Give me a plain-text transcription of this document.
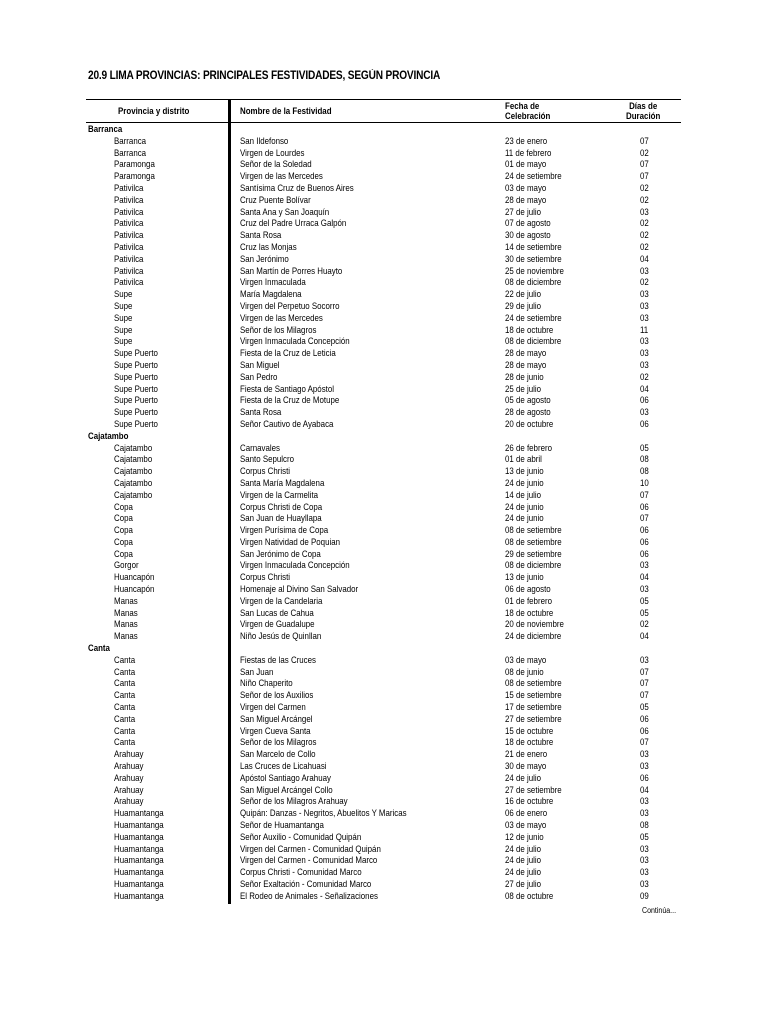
20.9 LIMA PROVINCIAS: PRINCIPALES FESTIVIDADES, SEGÚN PROVINCIA
Provincia y distrito	Nombre de la Festividad	Fecha de
Celebración
Días de
Duración
Barranca
Barranca	San Ildefonso	23 de enero	07
Barranca	Virgen de Lourdes	11 de febrero	02
Paramonga	Señor de la Soledad	01 de mayo	07
Paramonga	Virgen de las Mercedes	24 de setiembre	07
Pativilca	Santísima Cruz de Buenos Aires	03 de mayo	02
Pativilca	Cruz Puente Bolívar	28 de mayo	02
Pativilca	Santa Ana y San Joaquín	27 de julio	03
Pativilca	Cruz del Padre Urraca Galpón	07 de agosto	02
Pativilca	Santa Rosa	30 de agosto	02
Pativilca	Cruz las Monjas	14 de setiembre	02
Pativilca	San Jerónimo	30 de setiembre	04
Pativilca	San Martín de Porres Huayto	25 de noviembre	03
Pativilca	Virgen Inmaculada	08 de diciembre	02
Supe	María Magdalena	22 de julio	03
Supe	Virgen del Perpetuo Socorro	29 de julio	03
Supe	Virgen de las Mercedes	24 de setiembre	03
Supe	Señor de los Milagros	18 de octubre	11
Supe	Virgen Inmaculada Concepción	08 de diciembre	03
Supe Puerto	Fiesta de la Cruz de Leticia	28 de mayo	03
Supe Puerto	San Miguel	28 de mayo	03
Supe Puerto	San Pedro	28 de junio	02
Supe Puerto	Fiesta de Santiago Apóstol	25 de julio	04
Supe Puerto	Fiesta de la Cruz de Motupe	05 de agosto	06
Supe Puerto	Santa Rosa	28 de agosto	03
Supe Puerto	Señor Cautivo de Ayabaca	20 de octubre	06
Cajatambo
Cajatambo	Carnavales	26 de febrero	05
Cajatambo	Santo Sepulcro	01 de abril	08
Cajatambo	Corpus Christi	13 de junio	08
Cajatambo	Santa María Magdalena	24 de junio	10
Cajatambo	Virgen de la Carmelita	14 de julio	07
Copa	Corpus Christi de Copa	24 de junio	06
Copa	San Juan de Huayllapa	24 de junio	07
Copa	Virgen Purísima de Copa	08 de setiembre	06
Copa	Virgen Natividad de Poquian	08 de setiembre	06
Copa	San Jerónimo de Copa	29 de setiembre	06
Gorgor	Virgen Inmaculada Concepción	08 de diciembre	03
Huancapón	Corpus Christi	13 de junio	04
Huancapón	Homenaje al Divino San Salvador	06 de agosto	03
Manas	Virgen de la Candelaria	01 de febrero	05
Manas	San Lucas de Cahua	18 de octubre	05
Manas	Virgen de Guadalupe	20 de noviembre	02
Manas	Niño Jesús de Quinllan	24 de diciembre	04
Canta
Canta	Fiestas de las Cruces	03 de mayo	03
Canta	San Juan	08 de junio	07
Canta	Niño Chaperito	08 de setiembre	07
Canta	Señor de los Auxilios	15 de setiembre	07
Canta	Virgen del Carmen	17 de setiembre	05
Canta	San Miguel Arcángel	27 de setiembre	06
Canta	Virgen Cueva Santa	15 de octubre	06
Canta	Señor de los Milagros	18 de octubre	07
Arahuay	San Marcelo de Collo	21 de enero	03
Arahuay	Las Cruces de Licahuasi	30 de mayo	03
Arahuay	Apóstol Santiago Arahuay	24 de julio	06
Arahuay	San Miguel Arcángel Collo	27 de setiembre	04
Arahuay	Señor de los Milagros Arahuay	16 de octubre	03
Huamantanga	Quipán: Danzas - Negritos, Abuelitos Y Maricas	06 de enero	03
Huamantanga	Señor de Huamantanga	03 de mayo	08
Huamantanga	Señor Auxilio - Comunidad Quipán	12 de junio	05
Huamantanga	Virgen del Carmen - Comunidad Quipán	24 de julio	03
Huamantanga	Virgen del Carmen - Comunidad Marco	24 de julio	03
Huamantanga	Corpus Christi - Comunidad Marco	24 de julio	03
Huamantanga	Señor Exaltación - Comunidad Marco	27 de julio	03
Huamantanga	El Rodeo de Animales - Señalizaciones	08 de octubre	09
Continúa...
